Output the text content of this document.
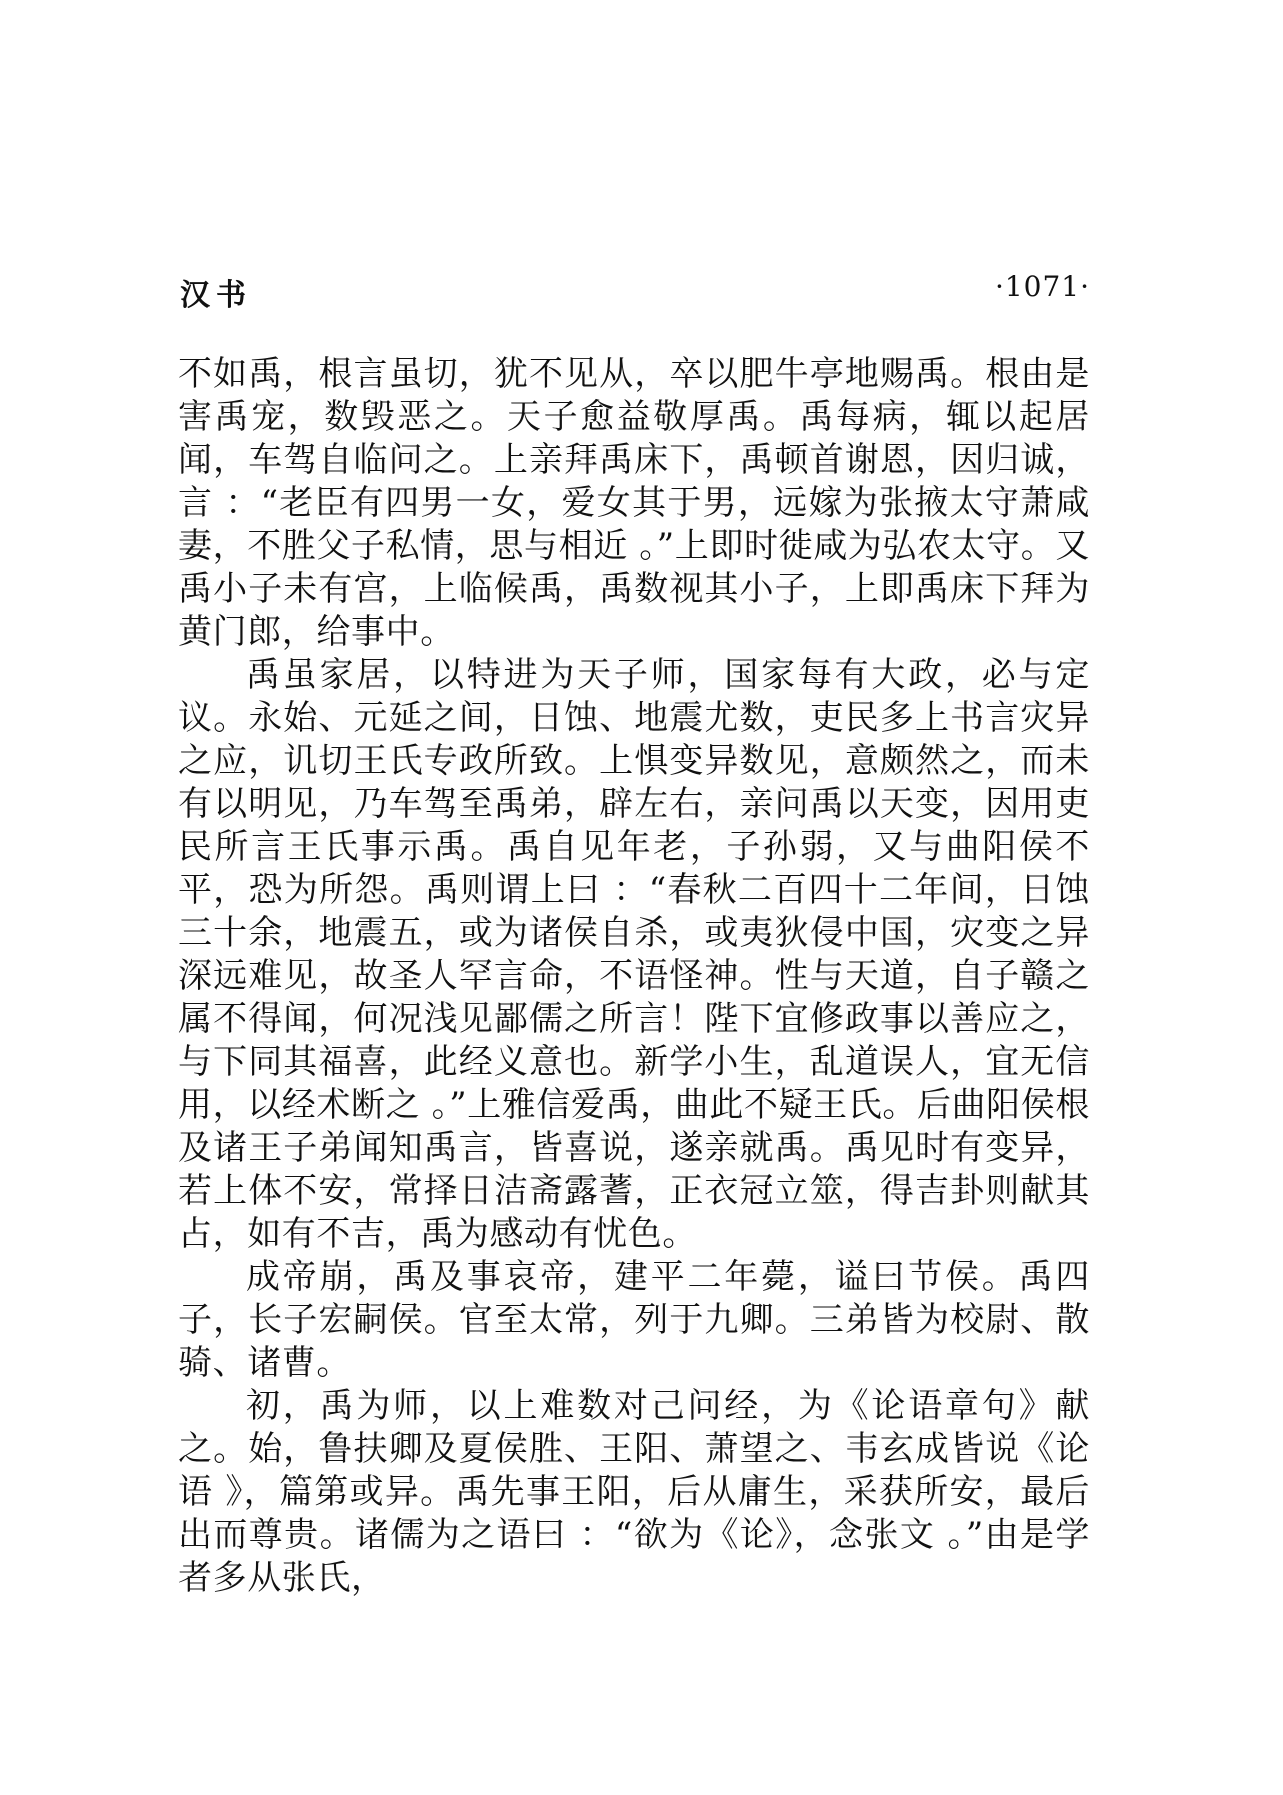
汉书	·1071·

不如禹，根言虽切，犹不见从，卒以肥牛亭地赐禹。根由是害禹宠，数毁恶之。天子愈益敬厚禹。禹每病，辄以起居闻，车驾自临问之。上亲拜禹床下，禹顿首谢恩，因归诚，言 ：“老臣有四男一女，爱女其于男，远嫁为张掖太守萧咸妻，不胜父子私情，思与相近 。”上即时徙咸为弘农太守。又禹小子未有宫，上临候禹，禹数视其小子，上即禹床下拜为黄门郎，给事中。

禹虽家居，以特进为天子师，国家每有大政，必与定议。永始、元延之间，日蚀、地震尤数，吏民多上书言灾异之应，讥切王氏专政所致。上惧变异数见，意颇然之，而未有以明见，乃车驾至禹弟，辟左右，亲问禹以天变，因用吏民所言王氏事示禹。禹自见年老，子孙弱，又与曲阳侯不平，恐为所怨。禹则谓上曰 ：“春秋二百四十二年间，日蚀三十余，地震五，或为诸侯自杀，或夷狄侵中国，灾变之异深远难见，故圣人罕言命，不语怪神。性与天道，自子赣之属不得闻，何况浅见鄙儒之所言！陛下宜修政事以善应之，与下同其福喜，此经义意也。新学小生，乱道误人，宜无信用，以经术断之 。”上雅信爱禹，曲此不疑王氏。后曲阳侯根及诸王子弟闻知禹言，皆喜说，遂亲就禹。禹见时有变异，若上体不安，常择日洁斋露蓍，正衣冠立筮，得吉卦则献其占，如有不吉，禹为感动有忧色。

成帝崩，禹及事哀帝，建平二年薨，谥曰节侯。禹四子，长子宏嗣侯。官至太常，列于九卿。三弟皆为校尉、散骑、诸曹。

初，禹为师，以上难数对己问经，为《论语章句》献之。始，鲁扶卿及夏侯胜、王阳、萧望之、韦玄成皆说《论语 》，篇第或异。禹先事王阳，后从庸生，采获所安，最后出而尊贵。诸儒为之语曰 ：“欲为《论》，念张文 。”由是学者多从张氏，
